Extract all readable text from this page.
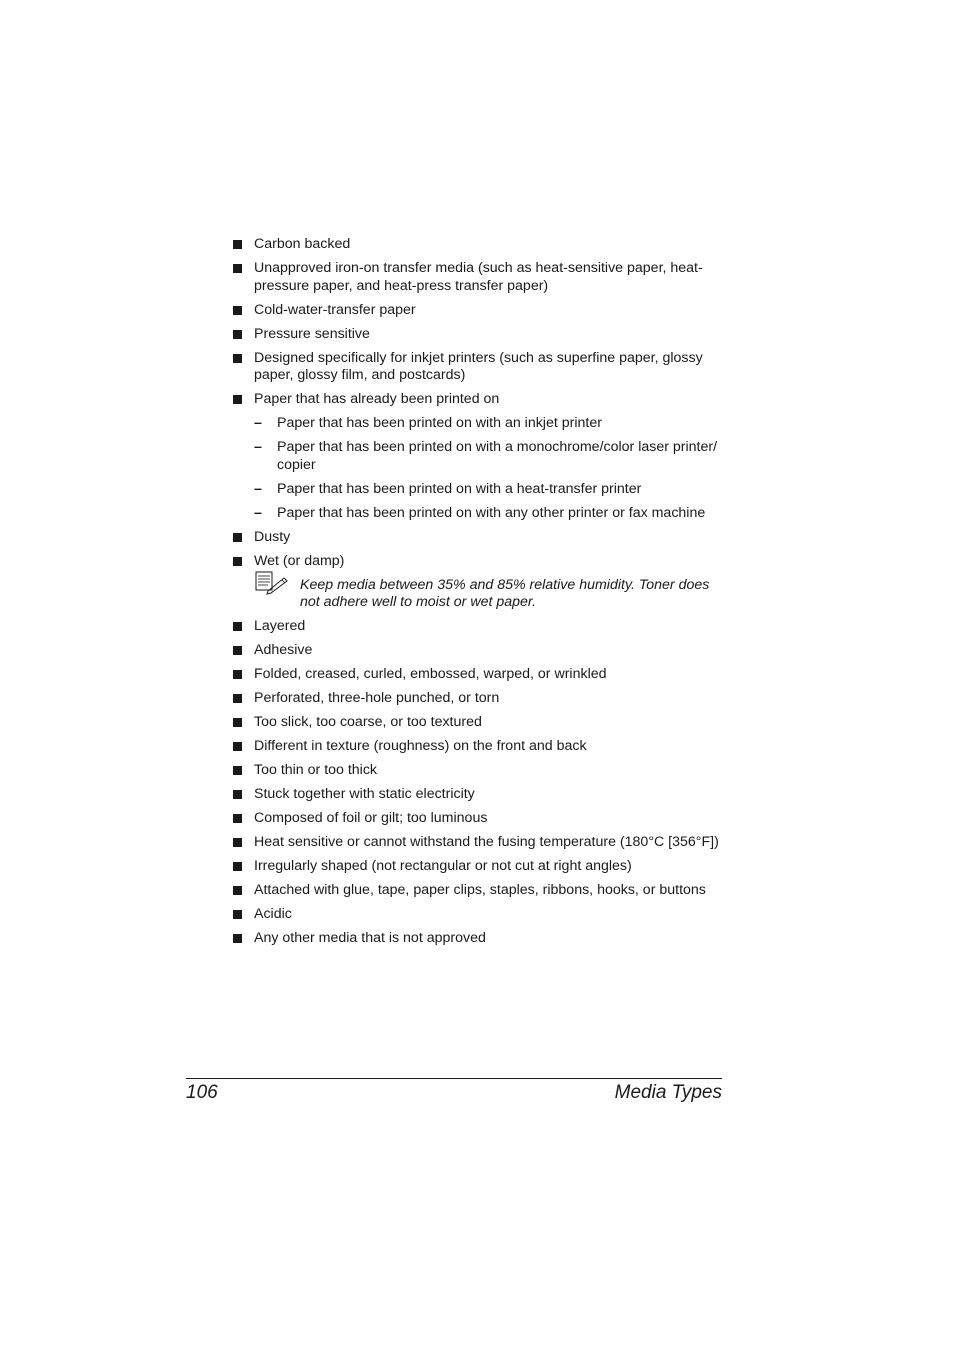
Carbon backed
Unapproved iron-on transfer media (such as heat-sensitive paper, heat-pressure paper, and heat-press transfer paper)
Cold-water-transfer paper
Pressure sensitive
Designed specifically for inkjet printers (such as superfine paper, glossy paper, glossy film, and postcards)
Paper that has already been printed on
– Paper that has been printed on with an inkjet printer
– Paper that has been printed on with a monochrome/color laser printer/ copier
– Paper that has been printed on with a heat-transfer printer
– Paper that has been printed on with any other printer or fax machine
Dusty
Wet (or damp)
Keep media between 35% and 85% relative humidity. Toner does not adhere well to moist or wet paper.
Layered
Adhesive
Folded, creased, curled, embossed, warped, or wrinkled
Perforated, three-hole punched, or torn
Too slick, too coarse, or too textured
Different in texture (roughness) on the front and back
Too thin or too thick
Stuck together with static electricity
Composed of foil or gilt; too luminous
Heat sensitive or cannot withstand the fusing temperature (180°C [356°F])
Irregularly shaped (not rectangular or not cut at right angles)
Attached with glue, tape, paper clips, staples, ribbons, hooks, or buttons
Acidic
Any other media that is not approved
106	Media Types
